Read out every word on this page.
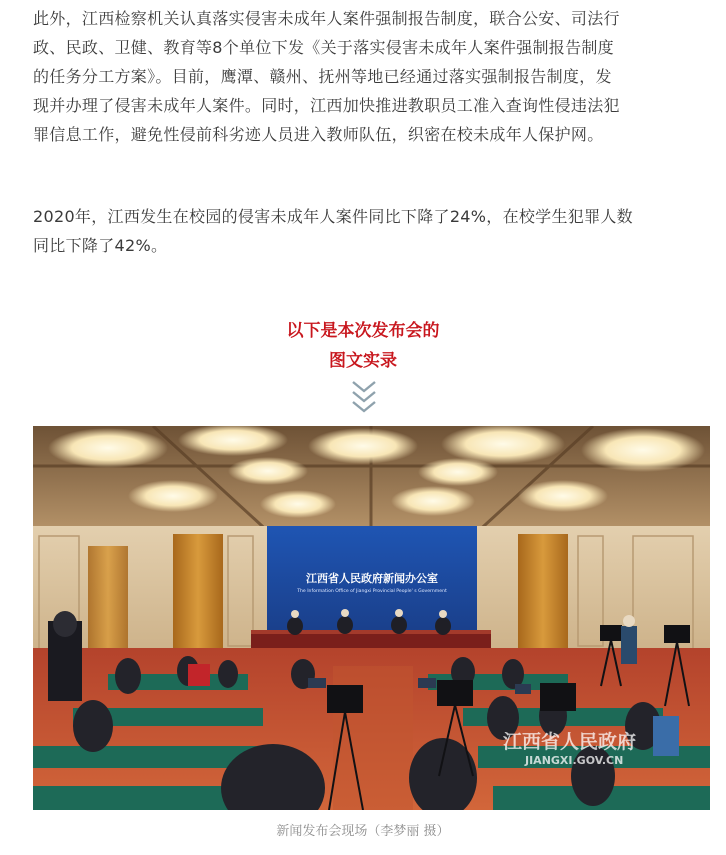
此外，江西检察机关认真落实侵害未成年人案件强制报告制度，联合公安、司法行
政、民政、卫健、教育等8个单位下发《关于落实侵害未成年人案件强制报告制度
的任务分工方案》。目前，鹰潭、赣州、抚州等地已经通过落实强制报告制度，发
现并办理了侵害未成年人案件。同时，江西加快推进教职员工准入查询性侵违法犯
罪信息工作，避免性侵前科劣迹人员进入教师队伍，织密在校未成年人保护网。
2020年，江西发生在校园的侵害未成年人案件同比下降了24%，在校学生犯罪人数
同比下降了42%。
以下是本次发布会的
图文实录
江西省人民政府新闻办公室
The Information Office of Jiangxi Provincial People' s Government
江西省人民政府
JIANGXI.GOV.CN
新闻发布会现场（李梦丽 摄）
